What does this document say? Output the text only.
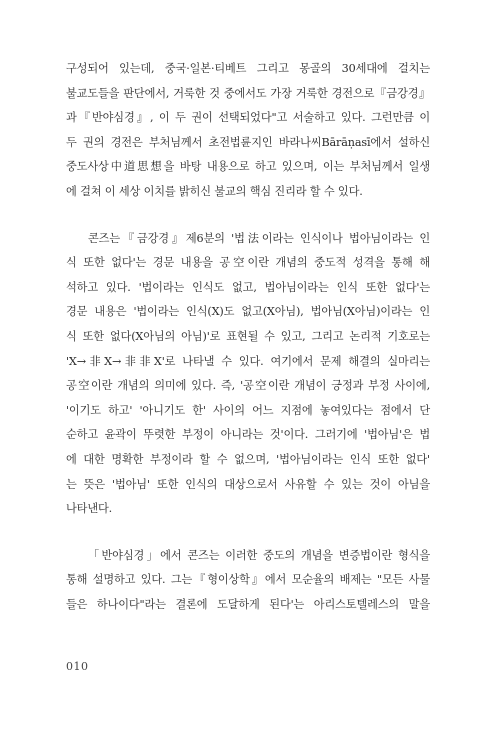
구성되어 있는데, 중국·일본·티베트 그리고 몽골의 30세대에 걸치는
불교도들을 판단에서, 거룩한 것 중에서도 가장 거룩한 경전으로『금강경』
과『반야심경』, 이 두 권이 선택되었다"고 서술하고 있다. 그런만큼 이
두 권의 경전은 부처님께서 초전법륜지인 바라나씨Bārāṇasī에서 설하신
중도사상中道思想을 바탕 내용으로 하고 있으며, 이는 부처님께서 일생
에 걸쳐 이 세상 이치를 밝히신 불교의 핵심 진리라 할 수 있다.

콘즈는『금강경』제6분의 '법法이라는 인식이나 법아님이라는 인
식 또한 없다'는 경문 내용을 공空이란 개념의 중도적 성격을 통해 해
석하고 있다. '법이라는 인식도 없고, 법아님이라는 인식 또한 없다'는
경문 내용은 '법이라는 인식(X)도 없고(X아님), 법아님(X아님)이라는 인
식 또한 없다(X아님의 아님)'로 표현될 수 있고, 그리고 논리적 기호로는
'X→非X→非非X'로 나타낼 수 있다. 여기에서 문제 해결의 실마리는
공空이란 개념의 의미에 있다. 즉, '공空이란 개념이 긍정과 부정 사이에,
'이기도 하고' '아니기도 한' 사이의 어느 지점에 놓여있다는 점에서 단
순하고 윤곽이 뚜렷한 부정이 아니라는 것'이다. 그러기에 '법아님'은 법
에 대한 명확한 부정이라 할 수 없으며, '법아님이라는 인식 또한 없다'
는 뜻은 '법아님' 또한 인식의 대상으로서 사유할 수 있는 것이 아님을
나타낸다.

「반야심경」에서 콘즈는 이러한 중도의 개념을 변증법이란 형식을
통해 설명하고 있다. 그는『형이상학』에서 모순율의 배제는 "모든 사물
들은 하나이다"라는 결론에 도달하게 된다'는 아리스토텔레스의 말을

010
